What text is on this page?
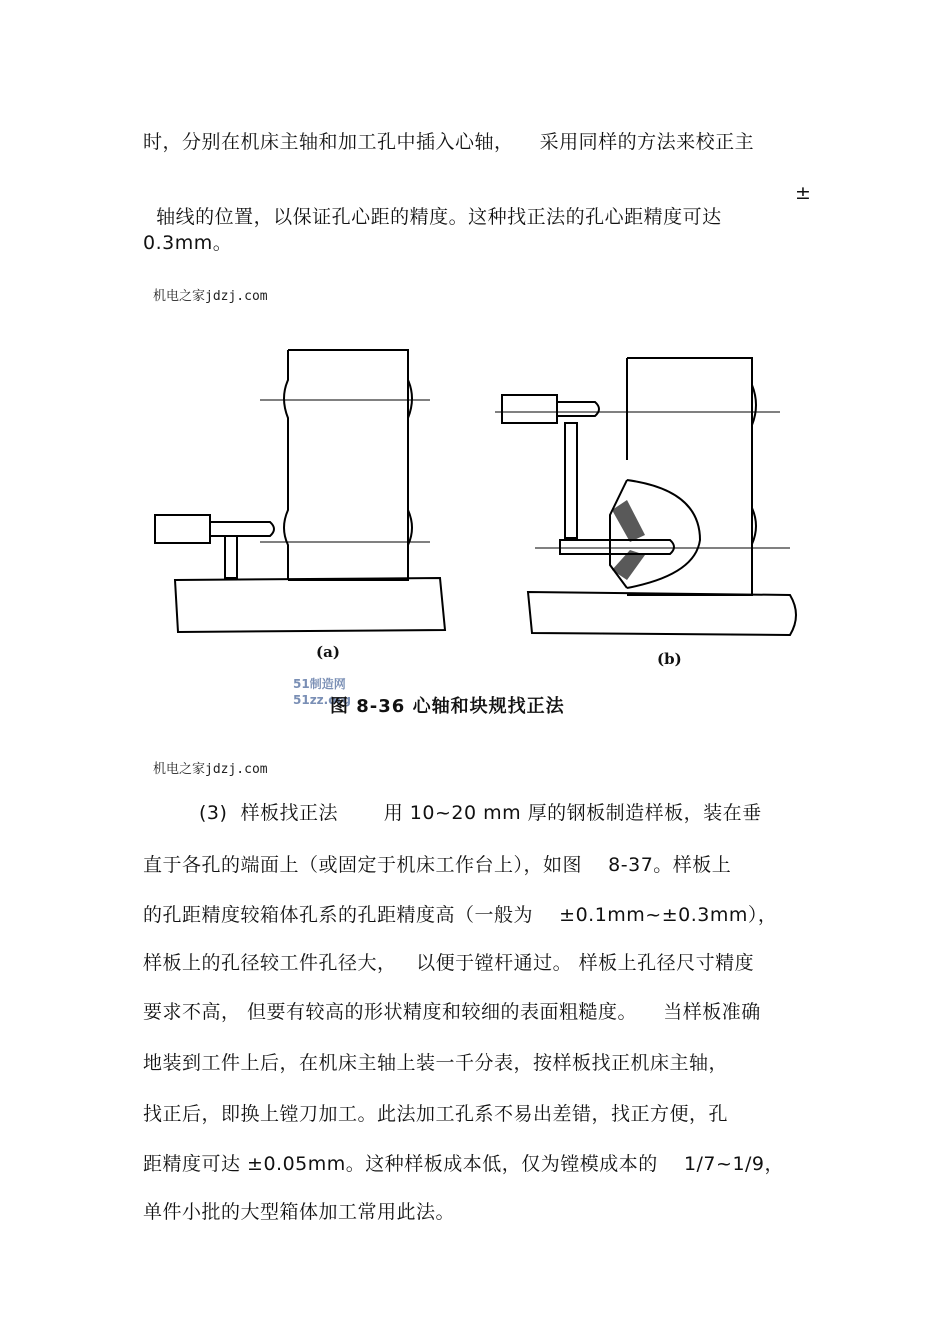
时，分别在机床主轴和加工孔中插入心轴，    采用同样的方法来校正主

轴线的位置，以保证孔心距的精度。这种找正法的孔心距精度可达

±
0.3mm。
机电之家jdzj.com
51制造网
51zz.org
(a)	(b)
图 8-36 心轴和块规找正法
机电之家jdzj.com
(3)  样板找正法       用 10~20 mm 厚的钢板制造样板，装在垂
直于各孔的端面上（或固定于机床工作台上），如图    8-37。样板上
的孔距精度较箱体孔系的孔距精度高（一般为    ±0.1mm~±0.3mm），
样板上的孔径较工件孔径大，   以便于镗杆通过。 样板上孔径尺寸精度
要求不高， 但要有较高的形状精度和较细的表面粗糙度。    当样板准确
地装到工件上后，在机床主轴上装一千分表，按样板找正机床主轴，
找正后，即换上镗刀加工。此法加工孔系不易出差错，找正方便，孔
距精度可达 ±0.05mm。这种样板成本低，仅为镗模成本的    1/7~1/9，
单件小批的大型箱体加工常用此法。
